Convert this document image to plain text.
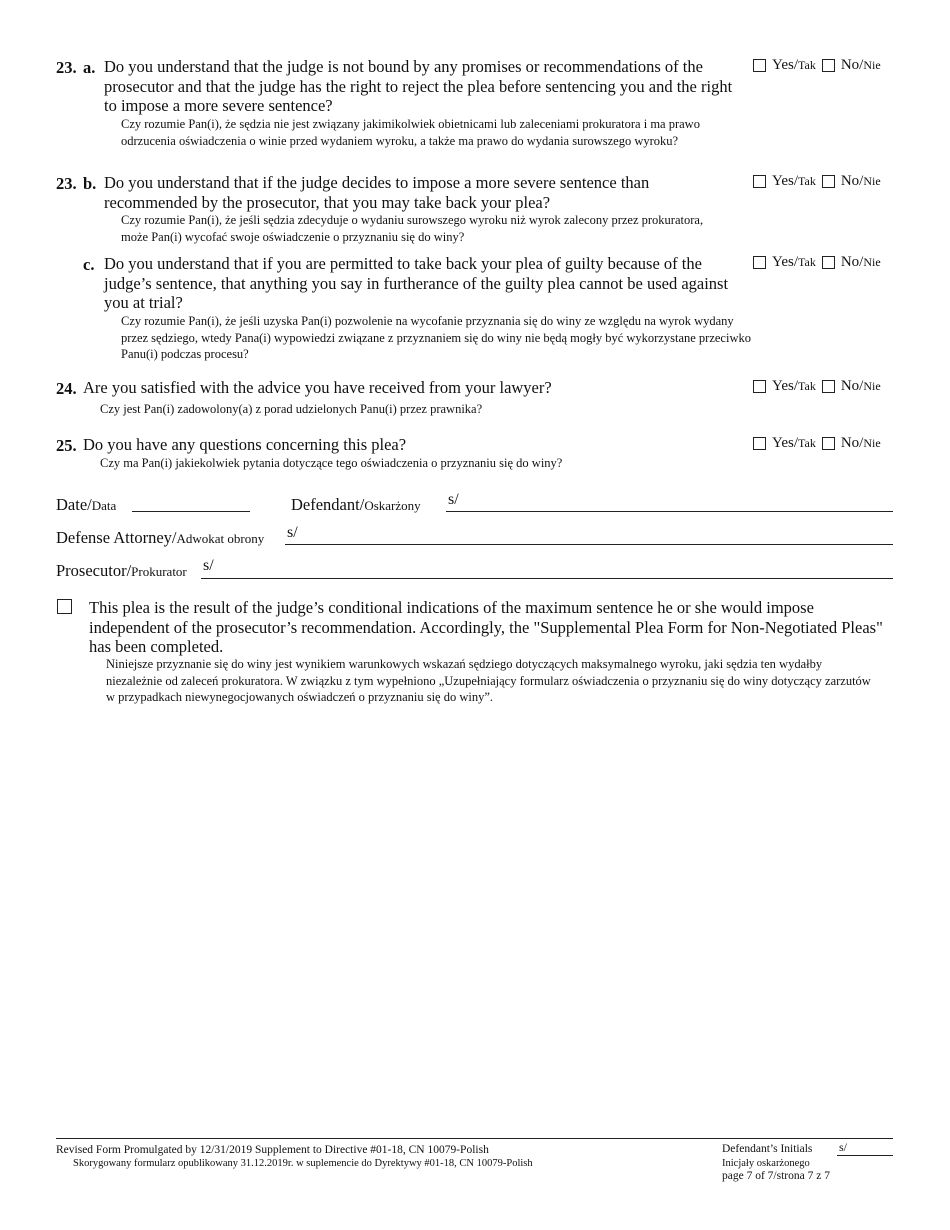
23. a. Do you understand that the judge is not bound by any promises or recommendations of the prosecutor and that the judge has the right to reject the plea before sentencing you and the right to impose a more severe sentence?
Czy rozumie Pan(i), że sędzia nie jest związany jakimikolwiek obietnicami lub zaleceniami prokuratora i ma prawo odrzucenia oświadczenia o winie przed wydaniem wyroku, a także ma prawo do wydania surowszego wyroku?
Yes/ Tak No/ Nie
23. b. Do you understand that if the judge decides to impose a more severe sentence than recommended by the prosecutor, that you may take back your plea?
Czy rozumie Pan(i), że jeśli sędzia zdecyduje o wydaniu surowszego wyroku niż wyrok zalecony przez prokuratora, może Pan(i) wycofać swoje oświadczenie o przyznaniu się do winy?
Yes/ Tak No/ Nie
c. Do you understand that if you are permitted to take back your plea of guilty because of the judge’s sentence, that anything you say in furtherance of the guilty plea cannot be used against you at trial?
Czy rozumie Pan(i), że jeśli uzyska Pan(i) pozwolenie na wycofanie przyznania się do winy ze względu na wyrok wydany przez sędziego, wtedy Pana(i) wypowiedzi związane z przyznaniem się do winy nie będą mogły być wykorzystane przeciwko Panu(i) podczas procesu?
Yes/ Tak No/ Nie
24. Are you satisfied with the advice you have received from your lawyer?
Czy jest Pan(i) zadowolony(a) z porad udzielonych Panu(i) przez prawnika?
Yes/ Tak No/ Nie
25. Do you have any questions concerning this plea?
Czy ma Pan(i) jakiekolwiek pytania dotyczące tego oświadczenia o przyznaniu się do winy?
Yes/ Tak No/ Nie
Date/Data	Defendant/Oskarżony s/
Defense Attorney/Adwokat obrony s/
Prosecutor/Prokurator s/
This plea is the result of the judge’s conditional indications of the maximum sentence he or she would impose independent of the prosecutor’s recommendation. Accordingly, the "Supplemental Plea Form for Non-Negotiated Pleas" has been completed.
Niniejsze przyznanie się do winy jest wynikiem warunkowych wskazań sędziego dotyczących maksymalnego wyroku, jaki sędzia ten wydałby niezależnie od zaleceń prokuratora. W związku z tym wypełniono „Uzupełniający formularz oświadczenia o przyznaniu się do winy dotyczący zarzutów w przypadkach niewynegocjowanych oświadczeń o przyznaniu się do winy”.
Revised Form Promulgated by 12/31/2019 Supplement to Directive #01-18, CN 10079-Polish
Skorygowany formularz opublikowany 31.12.2019r. w suplemencie do Dyrektywy #01-18, CN 10079-Polish
Defendant’s Initials
Inicjały oskarżonego
page 7 of 7/strona 7 z 7
s/
